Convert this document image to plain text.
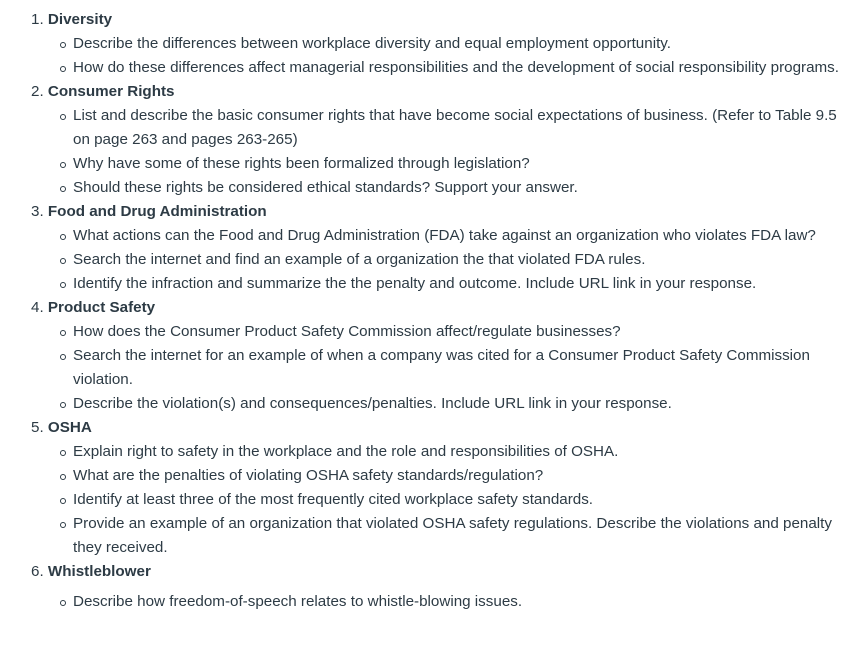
1. Diversity
Describe the differences between workplace diversity and equal employment opportunity.
How do these differences affect managerial responsibilities and the development of social responsibility programs.
2. Consumer Rights
List and describe the basic consumer rights that have become social expectations of business. (Refer to Table 9.5 on page 263 and pages 263-265)
Why have some of these rights been formalized through legislation?
Should these rights be considered ethical standards? Support your answer.
3. Food and Drug Administration
What actions can the Food and Drug Administration (FDA) take against an organization who violates FDA law?
Search the internet and find an example of a organization the that violated FDA rules.
Identify the infraction and summarize the the penalty and outcome. Include URL link in your response.
4. Product Safety
How does the Consumer Product Safety Commission affect/regulate businesses?
Search the internet for an example of when a company was cited for a Consumer Product Safety Commission violation.
Describe the violation(s) and consequences/penalties. Include URL link in your response.
5. OSHA
Explain right to safety in the workplace and the role and responsibilities of OSHA.
What are the penalties of violating OSHA safety standards/regulation?
Identify at least three of the most frequently cited workplace safety standards.
Provide an example of an organization that violated OSHA safety regulations. Describe the violations and penalty they received.
6. Whistleblower
Describe how freedom-of-speech relates to whistle-blowing issues.
